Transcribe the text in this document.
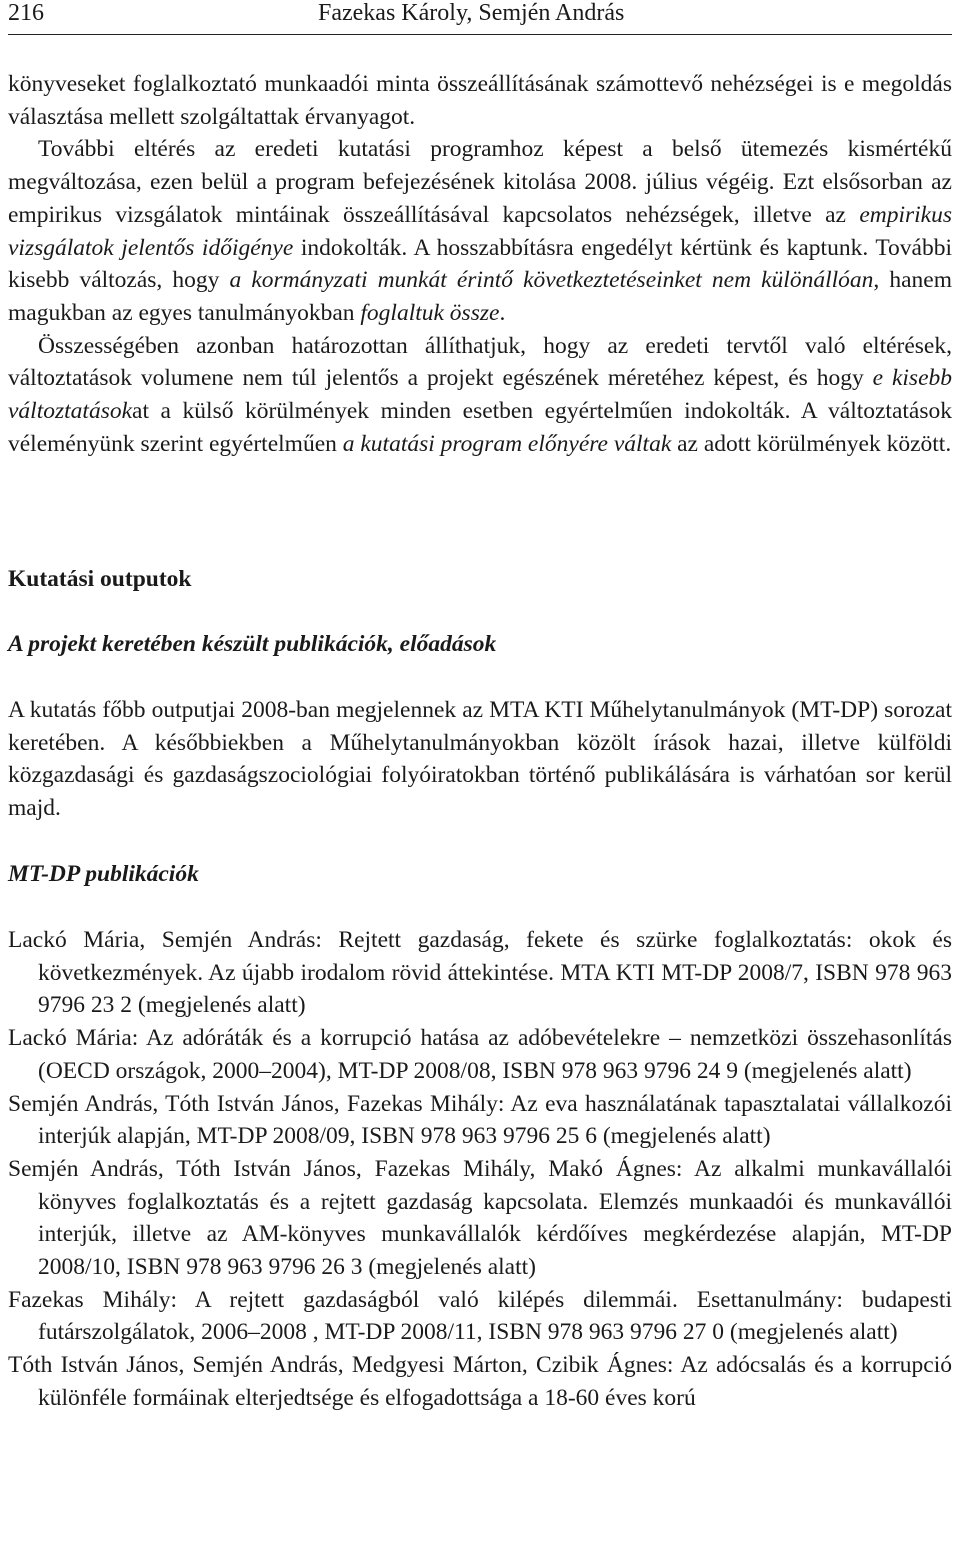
216	Fazekas Károly, Semjén András

könyveseket foglalkoztató munkaadói minta összeállításának számottevő nehézségei is e megoldás választása mellett szolgáltattak érvanyagot.

További eltérés az eredeti kutatási programhoz képest a belső ütemezés kismértékű megváltozása, ezen belül a program befejezésének kitolása 2008. július végéig. Ezt elsősorban az empirikus vizsgálatok mintáinak összeállításával kapcsolatos nehézségek, illetve az empirikus vizsgálatok jelentős időigénye indokolták. A hosszabbításra engedélyt kértünk és kaptunk. További kisebb változás, hogy a kormányzati munkát érintő következtetéseinket nem különállóan, hanem magukban az egyes tanulmányokban foglaltuk össze.

Összességében azonban határozottan állíthatjuk, hogy az eredeti tervtől való eltérések, változtatások volumene nem túl jelentős a projekt egészének méretéhez képest, és hogy e kisebb változtatásokat a külső körülmények minden esetben egyértelműen indokolták. A változtatások véleményünk szerint egyértelműen a kutatási program előnyére váltak az adott körülmények között.

Kutatási outputok
A projekt keretében készült publikációk, előadások
A kutatás főbb outputjai 2008-ban megjelennek az MTA KTI Műhelytanulmányok (MT-DP) sorozat keretében. A későbbiekben a Műhelytanulmányokban közölt írások hazai, illetve külföldi közgazdasági és gazdaságszociológiai folyóiratokban történő publikálására is várhatóan sor kerül majd.
MT-DP publikációk

Lackó Mária, Semjén András: Rejtett gazdaság, fekete és szürke foglalkoztatás: okok és következmények. Az újabb irodalom rövid áttekintése. MTA KTI MT-DP 2008/7, ISBN 978 963 9796 23 2 (megjelenés alatt)

Lackó Mária: Az adóráták és a korrupció hatása az adóbevételekre – nemzetközi összehasonlítás (OECD országok, 2000–2004), MT-DP 2008/08, ISBN 978 963 9796 24 9 (megjelenés alatt)

Semjén András, Tóth István János, Fazekas Mihály: Az eva használatának tapasztalatai vállalkozói interjúk alapján, MT-DP 2008/09, ISBN 978 963 9796 25 6 (megjelenés alatt)

Semjén András, Tóth István János, Fazekas Mihály, Makó Ágnes: Az alkalmi munkavállalói könyves foglalkoztatás és a rejtett gazdaság kapcsolata. Elemzés munkaadói és munkavállói interjúk, illetve az AM-könyves munkavállalók kérdőíves megkérdezése alapján, MT-DP 2008/10, ISBN 978 963 9796 26 3 (megjelenés alatt)

Fazekas Mihály: A rejtett gazdaságból való kilépés dilemmái. Esettanulmány: budapesti futárszolgálatok, 2006–2008 , MT-DP 2008/11, ISBN 978 963 9796 27 0 (megjelenés alatt)

Tóth István János, Semjén András, Medgyesi Márton, Czibik Ágnes: Az adócsalás és a korrupció különféle formáinak elterjedtsége és elfogadottsága a 18-60 éves korú
